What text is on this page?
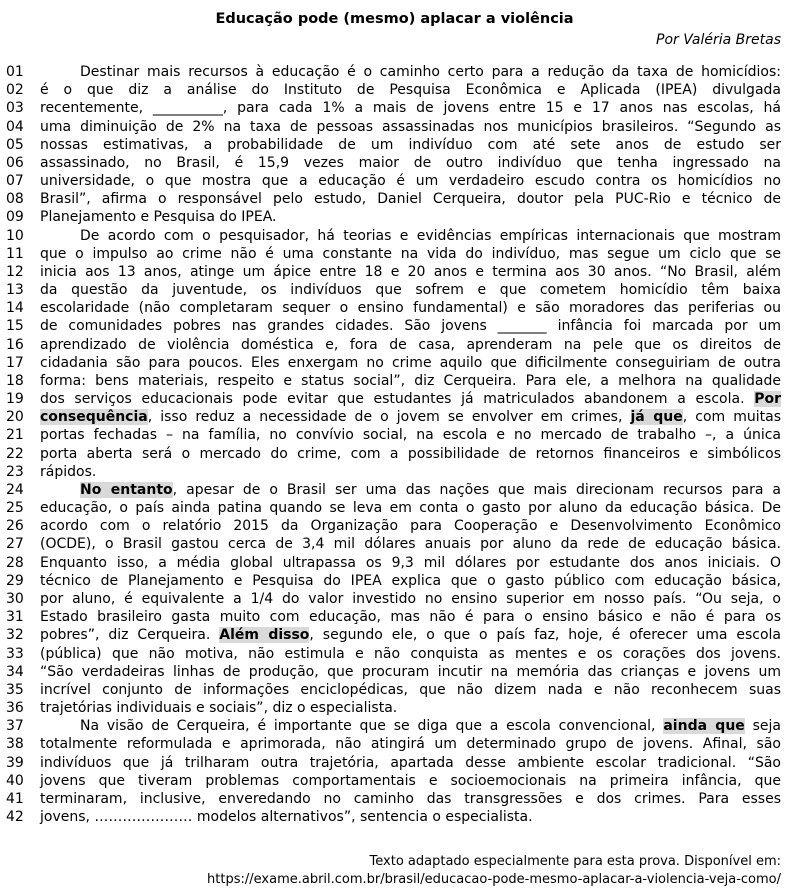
Educação pode (mesmo) aplacar a violência
Por Valéria Bretas
01	Destinar mais recursos à educação é o caminho certo para a redução da taxa de homicídios:
02	é o que diz a análise do Instituto de Pesquisa Econômica e Aplicada (IPEA) divulgada
03	recentemente, __________, para cada 1% a mais de jovens entre 15 e 17 anos nas escolas, há
04	uma diminuição de 2% na taxa de pessoas assassinadas nos municípios brasileiros. “Segundo as
05	nossas estimativas, a probabilidade de um indivíduo com até sete anos de estudo ser
06	assassinado, no Brasil, é 15,9 vezes maior de outro indivíduo que tenha ingressado na
07	universidade, o que mostra que a educação é um verdadeiro escudo contra os homicídios no
08	Brasil”, afirma o responsável pelo estudo, Daniel Cerqueira, doutor pela PUC-Rio e técnico de
09	Planejamento e Pesquisa do IPEA.
10	De acordo com o pesquisador, há teorias e evidências empíricas internacionais que mostram
11	que o impulso ao crime não é uma constante na vida do indivíduo, mas segue um ciclo que se
12	inicia aos 13 anos, atinge um ápice entre 18 e 20 anos e termina aos 30 anos. “No Brasil, além
13	da questão da juventude, os indivíduos que sofrem e que cometem homicídio têm baixa
14	escolaridade (não completaram sequer o ensino fundamental) e são moradores das periferias ou
15	de comunidades pobres nas grandes cidades. São jovens _______ infância foi marcada por um
16	aprendizado de violência doméstica e, fora de casa, aprenderam na pele que os direitos de
17	cidadania são para poucos. Eles enxergam no crime aquilo que dificilmente conseguiriam de outra
18	forma: bens materiais, respeito e status social”, diz Cerqueira. Para ele, a melhora na qualidade
19	dos serviços educacionais pode evitar que estudantes já matriculados abandonem a escola. Por
20	consequência, isso reduz a necessidade de o jovem se envolver em crimes, já que, com muitas
21	portas fechadas – na família, no convívio social, na escola e no mercado de trabalho –, a única
22	porta aberta será o mercado do crime, com a possibilidade de retornos financeiros e simbólicos
23	rápidos.
24	No entanto, apesar de o Brasil ser uma das nações que mais direcionam recursos para a
25	educação, o país ainda patina quando se leva em conta o gasto por aluno da educação básica. De
26	acordo com o relatório 2015 da Organização para Cooperação e Desenvolvimento Econômico
27	(OCDE), o Brasil gastou cerca de 3,4 mil dólares anuais por aluno da rede de educação básica.
28	Enquanto isso, a média global ultrapassa os 9,3 mil dólares por estudante dos anos iniciais. O
29	técnico de Planejamento e Pesquisa do IPEA explica que o gasto público com educação básica,
30	por aluno, é equivalente a 1/4 do valor investido no ensino superior em nosso país. “Ou seja, o
31	Estado brasileiro gasta muito com educação, mas não é para o ensino básico e não é para os
32	pobres”, diz Cerqueira. Além disso, segundo ele, o que o país faz, hoje, é oferecer uma escola
33	(pública) que não motiva, não estimula e não conquista as mentes e os corações dos jovens.
34	“São verdadeiras linhas de produção, que procuram incutir na memória das crianças e jovens um
35	incrível conjunto de informações enciclopédicas, que não dizem nada e não reconhecem suas
36	trajetórias individuais e sociais”, diz o especialista.
37	Na visão de Cerqueira, é importante que se diga que a escola convencional, ainda que seja
38	totalmente reformulada e aprimorada, não atingirá um determinado grupo de jovens. Afinal, são
39	indivíduos que já trilharam outra trajetória, apartada desse ambiente escolar tradicional. “São
40	jovens que tiveram problemas comportamentais e socioemocionais na primeira infância, que
41	terminaram, inclusive, enveredando no caminho das transgressões e dos crimes. Para esses
42	jovens, ………………… modelos alternativos”, sentencia o especialista.
Texto adaptado especialmente para esta prova. Disponível em:
https://exame.abril.com.br/brasil/educacao-pode-mesmo-aplacar-a-violencia-veja-como/
